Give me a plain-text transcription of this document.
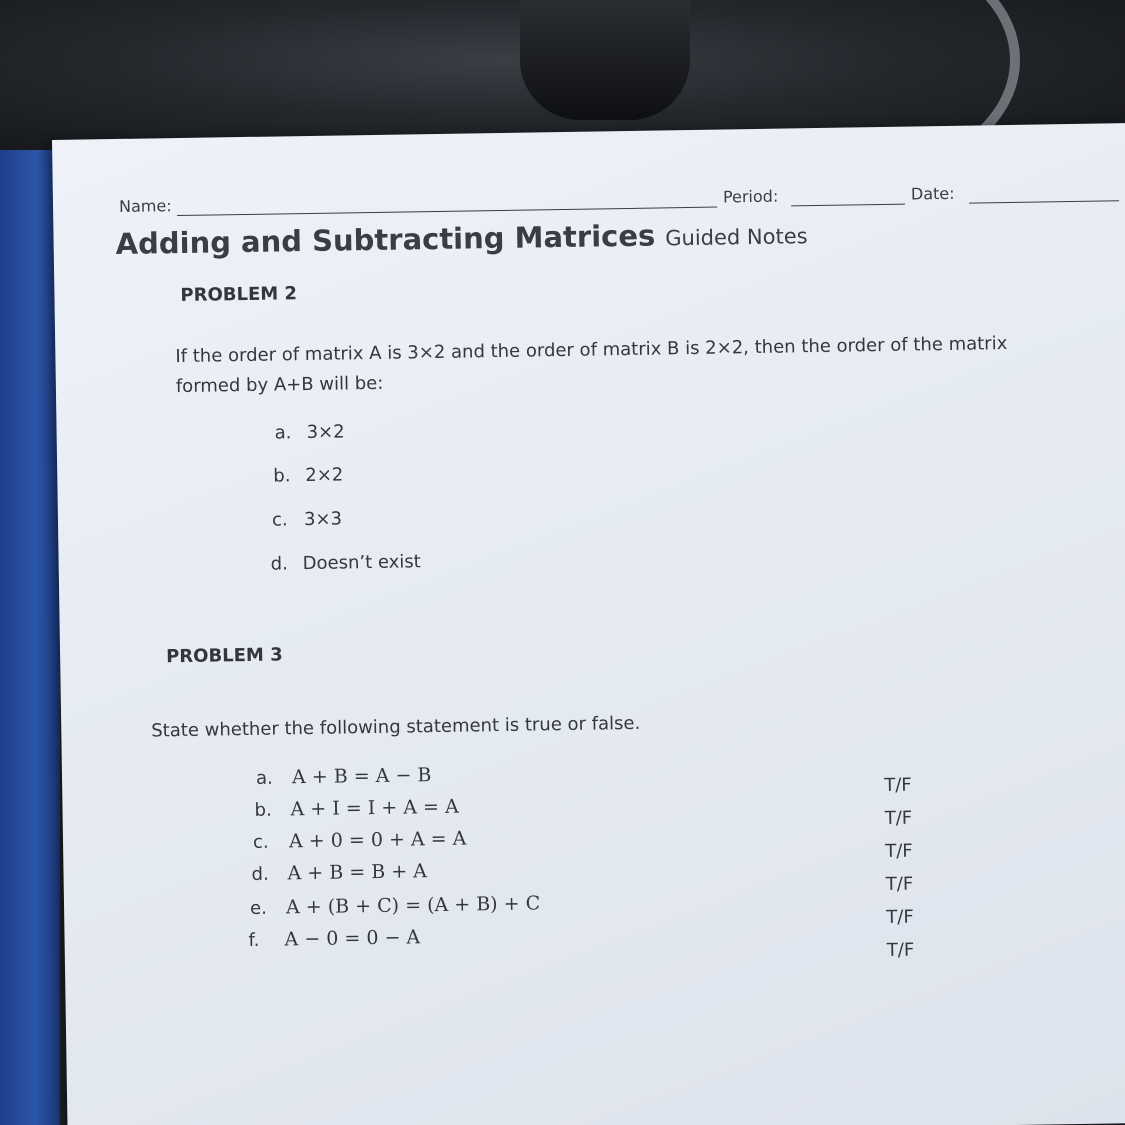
Name:	Period:	Date:
Adding and Subtracting Matrices Guided Notes
PROBLEM 2
If the order of matrix A is 3×2 and the order of matrix B is 2×2, then the order of the matrix
formed by A+B will be:
a. 3×2
b. 2×2
c. 3×3
d. Doesn’t exist
PROBLEM 3
State whether the following statement is true or false.
a. A + B = A − B
b. A + I = I + A = A
c. A + 0 = 0 + A = A
d. A + B = B + A
e. A + (B + C) = (A + B) + C
f. A − 0 = 0 − A
T/F
T/F
T/F
T/F
T/F
T/F
